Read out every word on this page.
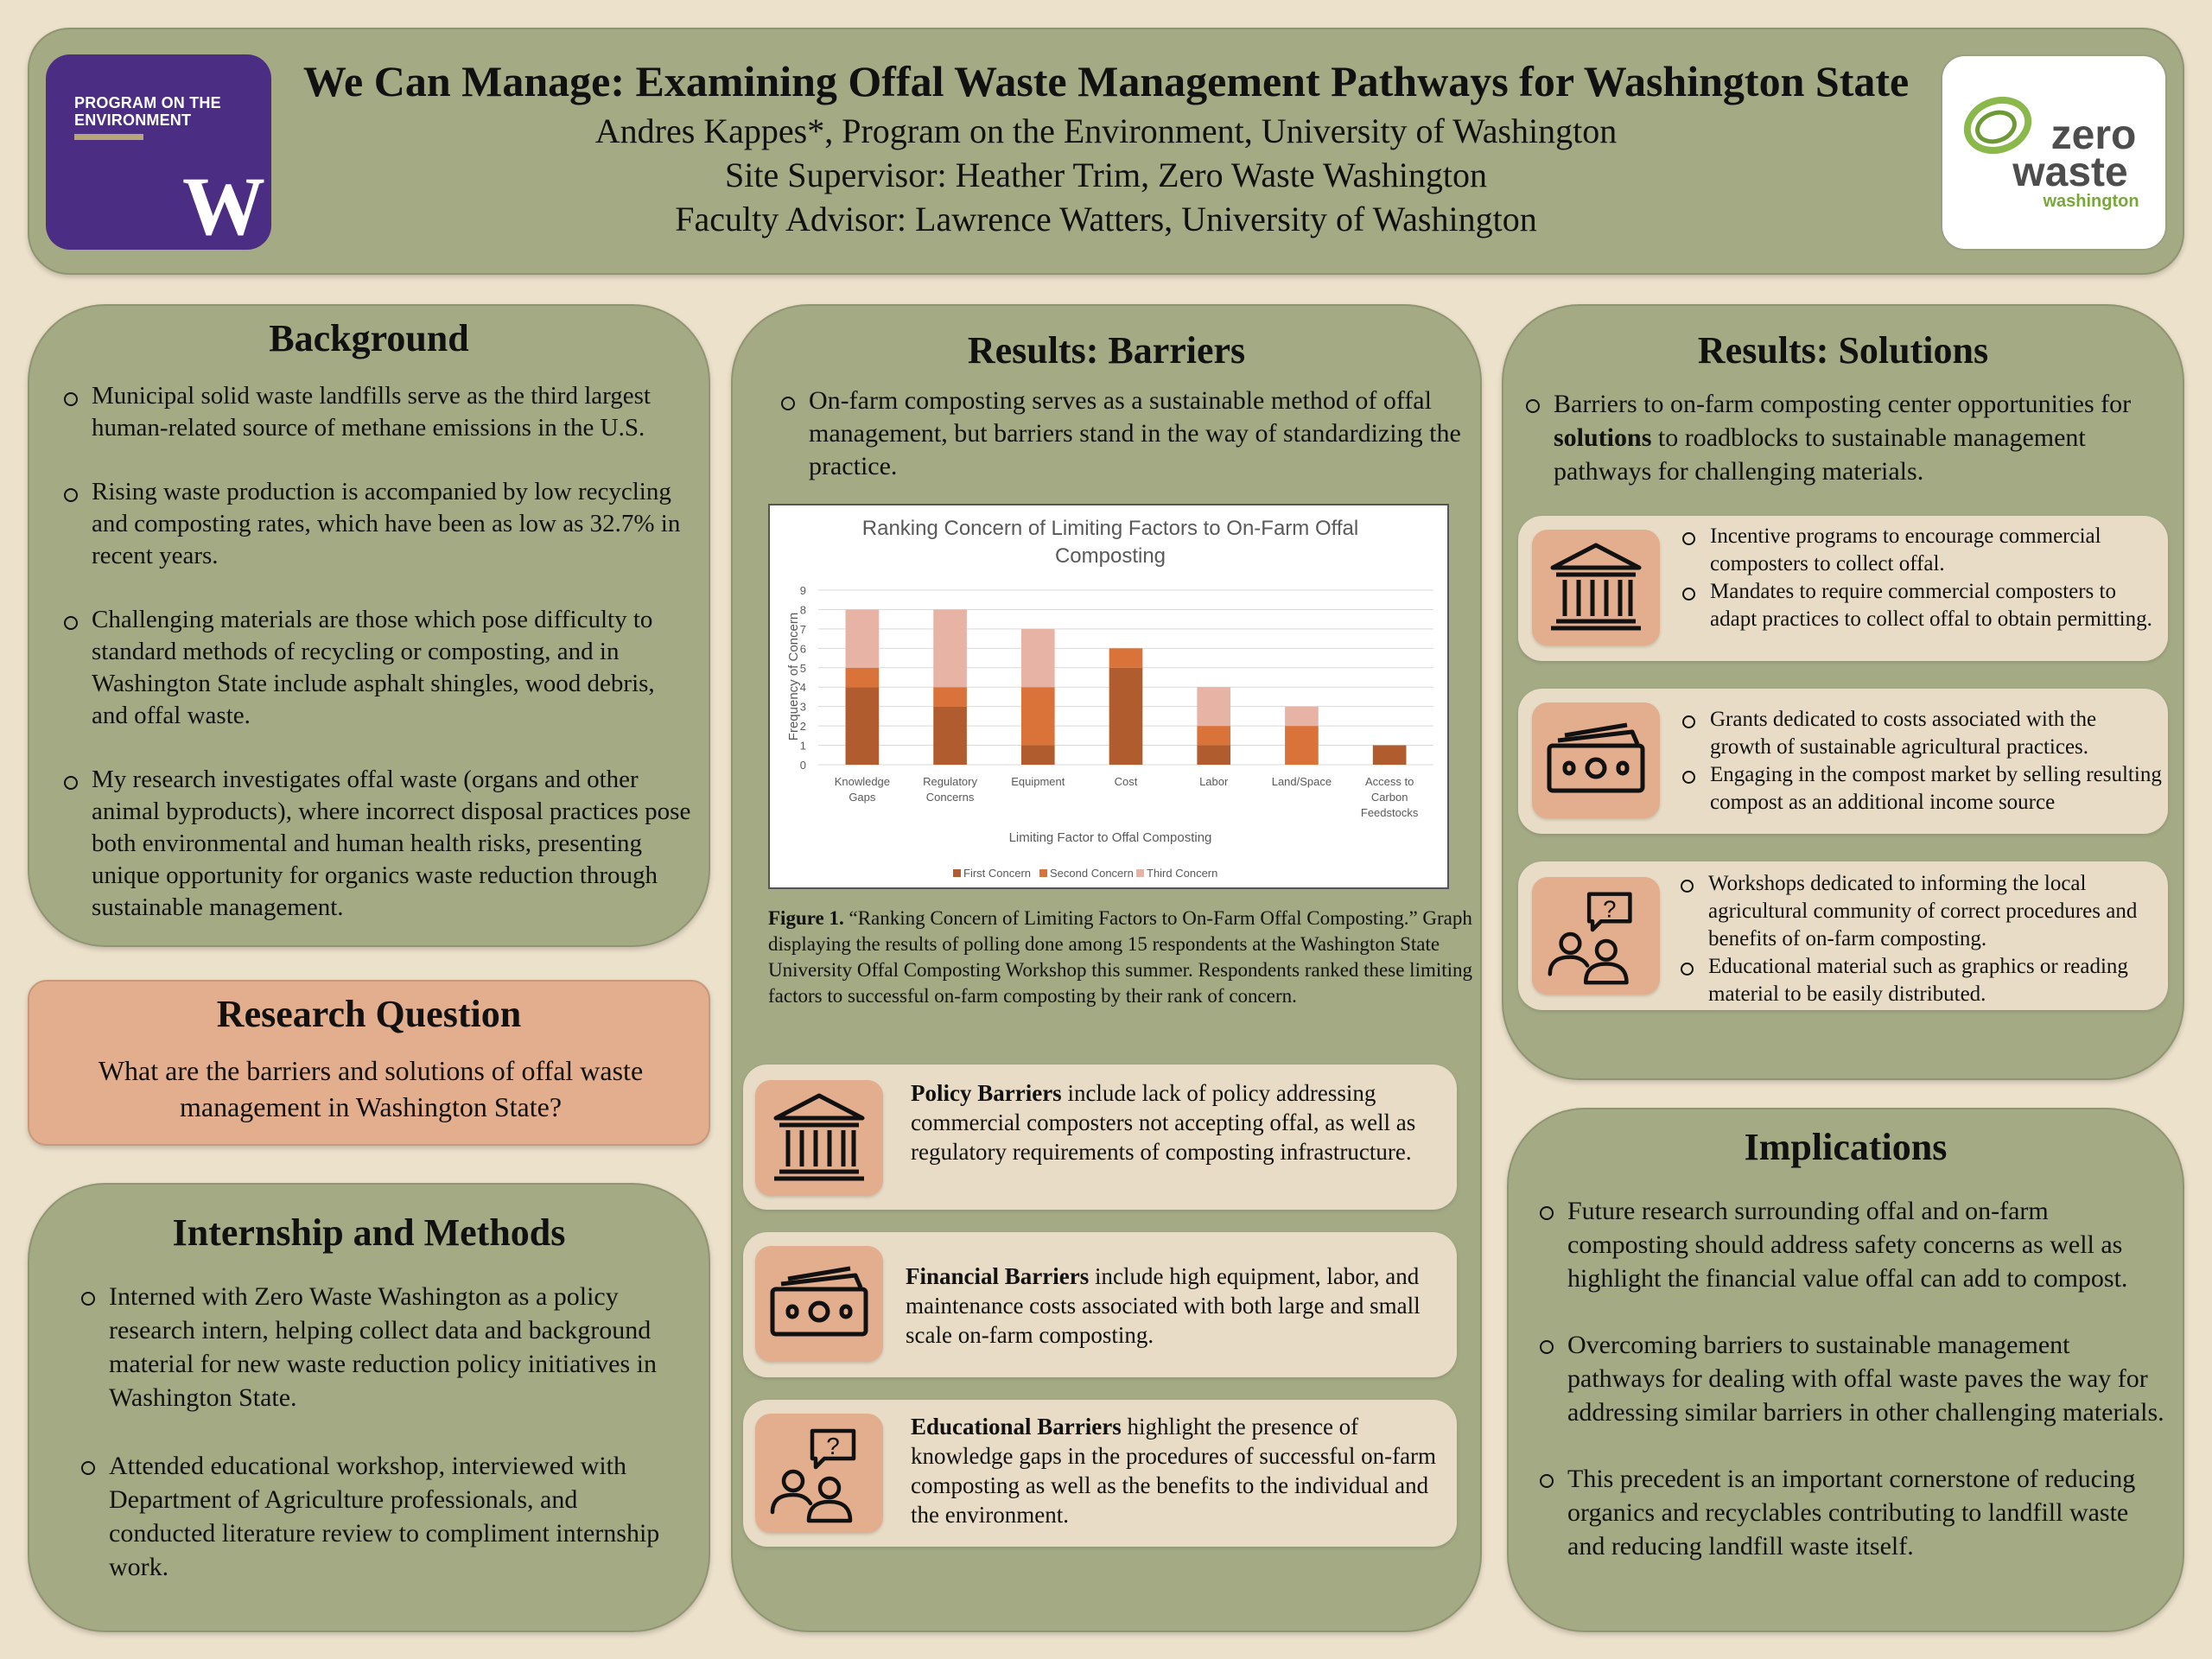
PROGRAM ON THE ENVIRONMENT
W
zero
waste
washington
We Can Manage: Examining Offal Waste Management Pathways for Washington State
Andres Kappes*, Program on the Environment, University of Washington
Site Supervisor: Heather Trim, Zero Waste Washington
Faculty Advisor: Lawrence Watters, University of Washington
Background
Municipal solid waste landfills serve as the third largest human-related source of methane emissions in the U.S.
Rising waste production is accompanied by low recycling and composting rates, which have been as low as 32.7% in recent years.
Challenging materials are those which pose difficulty to standard methods of recycling or composting, and in Washington State include asphalt shingles, wood debris, and offal waste.
My research investigates offal waste (organs and other animal byproducts), where incorrect disposal practices pose both environmental and human health risks, presenting unique opportunity for organics waste reduction through sustainable management.
Research Question
What are the barriers and solutions of offal waste management in Washington State?
Internship and Methods
Interned with Zero Waste Washington as a policy research intern, helping collect data and background material for new waste reduction policy initiatives in Washington State.
Attended educational workshop, interviewed with Department of Agriculture professionals, and conducted literature review to compliment internship work.
Results: Barriers
On-farm composting serves as a sustainable method of offal management, but barriers stand in the way of standardizing the practice.
Ranking Concern of Limiting Factors to On-Farm Offal
Composting
0
1
2
3
4
5
6
7
8
9
Knowledge Gaps
Regulatory Concerns
Equipment	Cost	Labor	Land/Space	Access to Carbon Feedstocks
Frequency of Concern
Limiting Factor to Offal Composting
First Concern Second Concern Third Concern
Figure 1. “Ranking Concern of Limiting Factors to On-Farm Offal Composting.” Graph displaying the results of polling done among 15 respondents at the Washington State University Offal Composting Workshop this summer. Respondents ranked these limiting factors to successful on-farm composting by their rank of concern.
Policy Barriers include lack of policy addressing commercial composters not accepting offal, as well as regulatory requirements of composting infrastructure.
Financial Barriers include high equipment, labor, and maintenance costs associated with both large and small scale on-farm composting.
?
Educational Barriers highlight the presence of knowledge gaps in the procedures of successful on-farm composting as well as the benefits to the individual and the environment.
Results: Solutions
Barriers to on-farm composting center opportunities for solutions to roadblocks to sustainable management pathways for challenging materials.
Incentive programs to encourage commercial composters to collect offal.
Mandates to require commercial composters to adapt practices to collect offal to obtain permitting.
Grants dedicated to costs associated with the growth of sustainable agricultural practices.
Engaging in the compost market by selling resulting compost as an additional income source
?
Workshops dedicated to informing the local agricultural community of correct procedures and benefits of on-farm composting.
Educational material such as graphics or reading material to be easily distributed.
Implications
Future research surrounding offal and on-farm composting should address safety concerns as well as highlight the financial value offal can add to compost.
Overcoming barriers to sustainable management pathways for dealing with offal waste paves the way for addressing similar barriers in other challenging materials.
This precedent is an important cornerstone of reducing organics and recyclables contributing to landfill waste and reducing landfill waste itself.
